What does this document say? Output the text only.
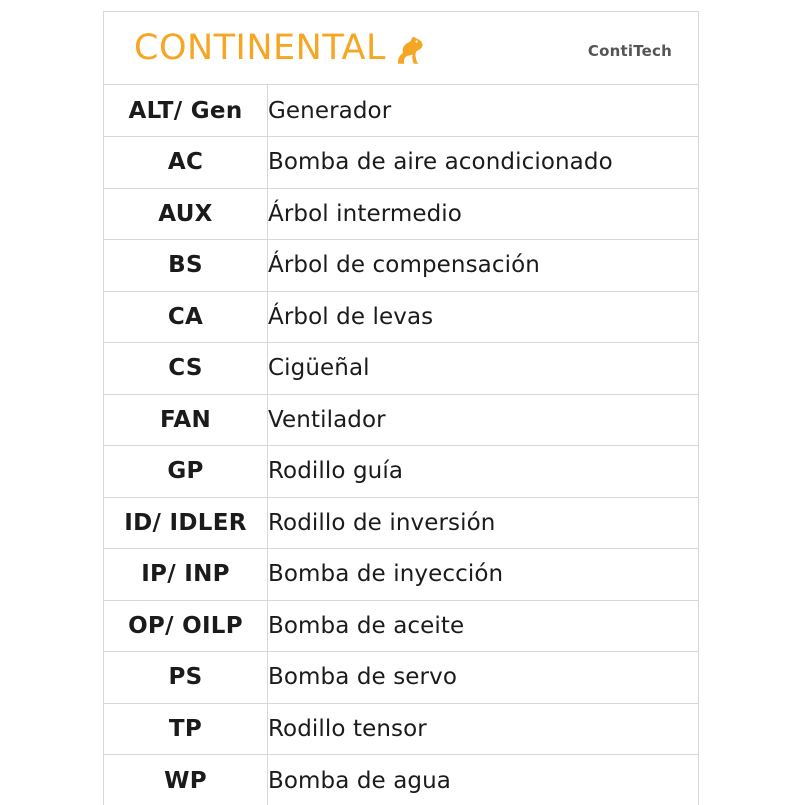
CONTINENTAL	ContiTech
ALT/ Gen	Generador
AC	Bomba de aire acondicionado
AUX	Árbol intermedio
BS	Árbol de compensación
CA	Árbol de levas
CS	Cigüeñal
FAN	Ventilador
GP	Rodillo guía
ID/ IDLER	Rodillo de inversión
IP/ INP	Bomba de inyección
OP/ OILP	Bomba de aceite
PS	Bomba de servo
TP	Rodillo tensor
WP	Bomba de agua
